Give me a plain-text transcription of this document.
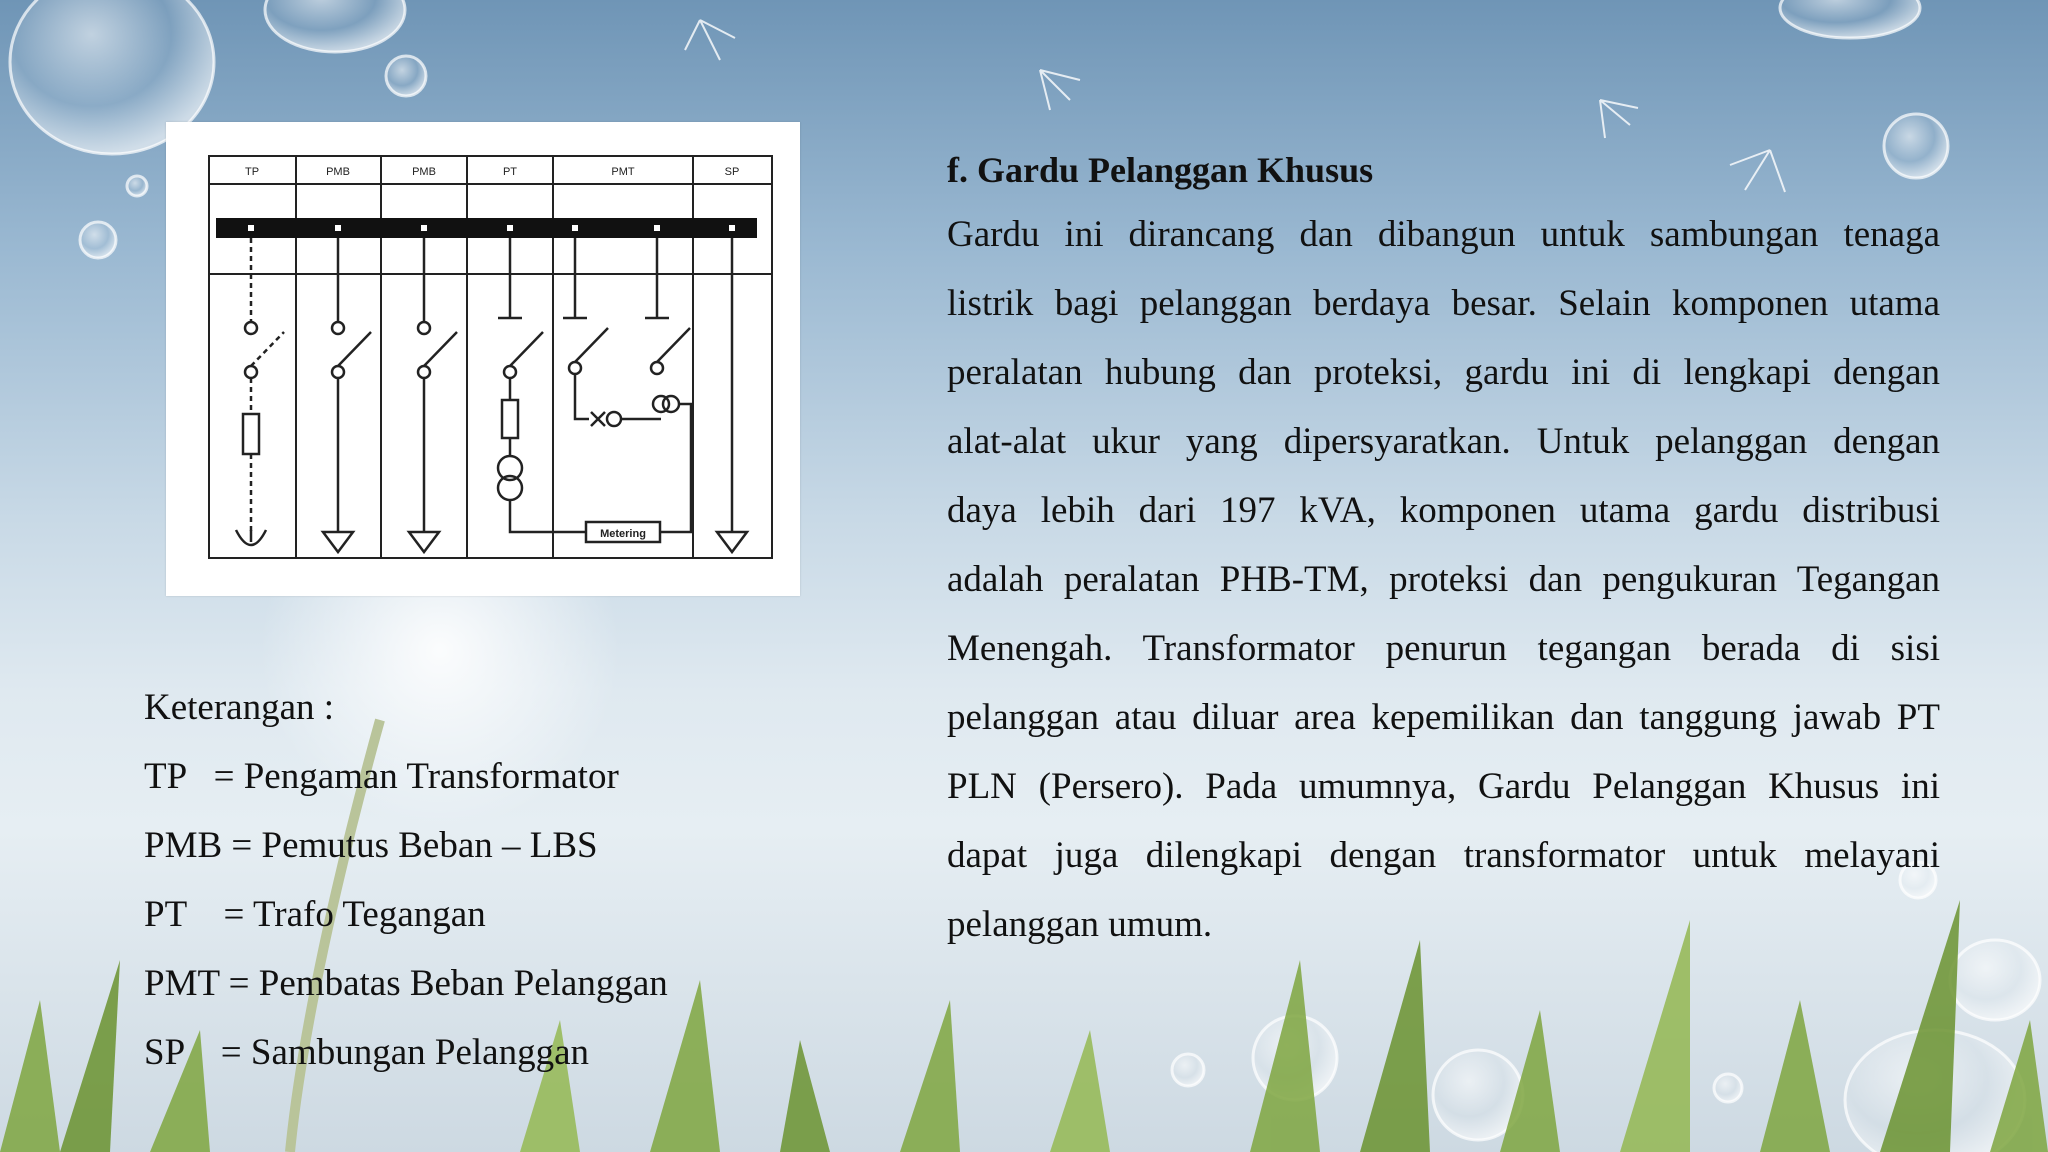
TP	PMB	PMB	PT	PMT	SP
Metering
Keterangan :
TP   = Pengaman Transformator
PMB = Pemutus Beban – LBS
PT    = Trafo Tegangan
PMT = Pembatas Beban Pelanggan
SP    = Sambungan Pelanggan

f. Gardu Pelanggan Khusus

Gardu ini dirancang dan dibangun untuk sambungan tenaga
listrik bagi pelanggan berdaya besar. Selain komponen utama
peralatan hubung dan proteksi, gardu ini di lengkapi dengan
alat-alat ukur yang dipersyaratkan. Untuk pelanggan dengan
daya lebih dari 197 kVA, komponen utama gardu distribusi
adalah peralatan PHB-TM, proteksi dan pengukuran Tegangan
Menengah. Transformator penurun tegangan berada di sisi
pelanggan atau diluar area kepemilikan dan tanggung jawab PT
PLN (Persero). Pada umumnya, Gardu Pelanggan Khusus ini
dapat juga dilengkapi dengan transformator untuk melayani
pelanggan umum.
